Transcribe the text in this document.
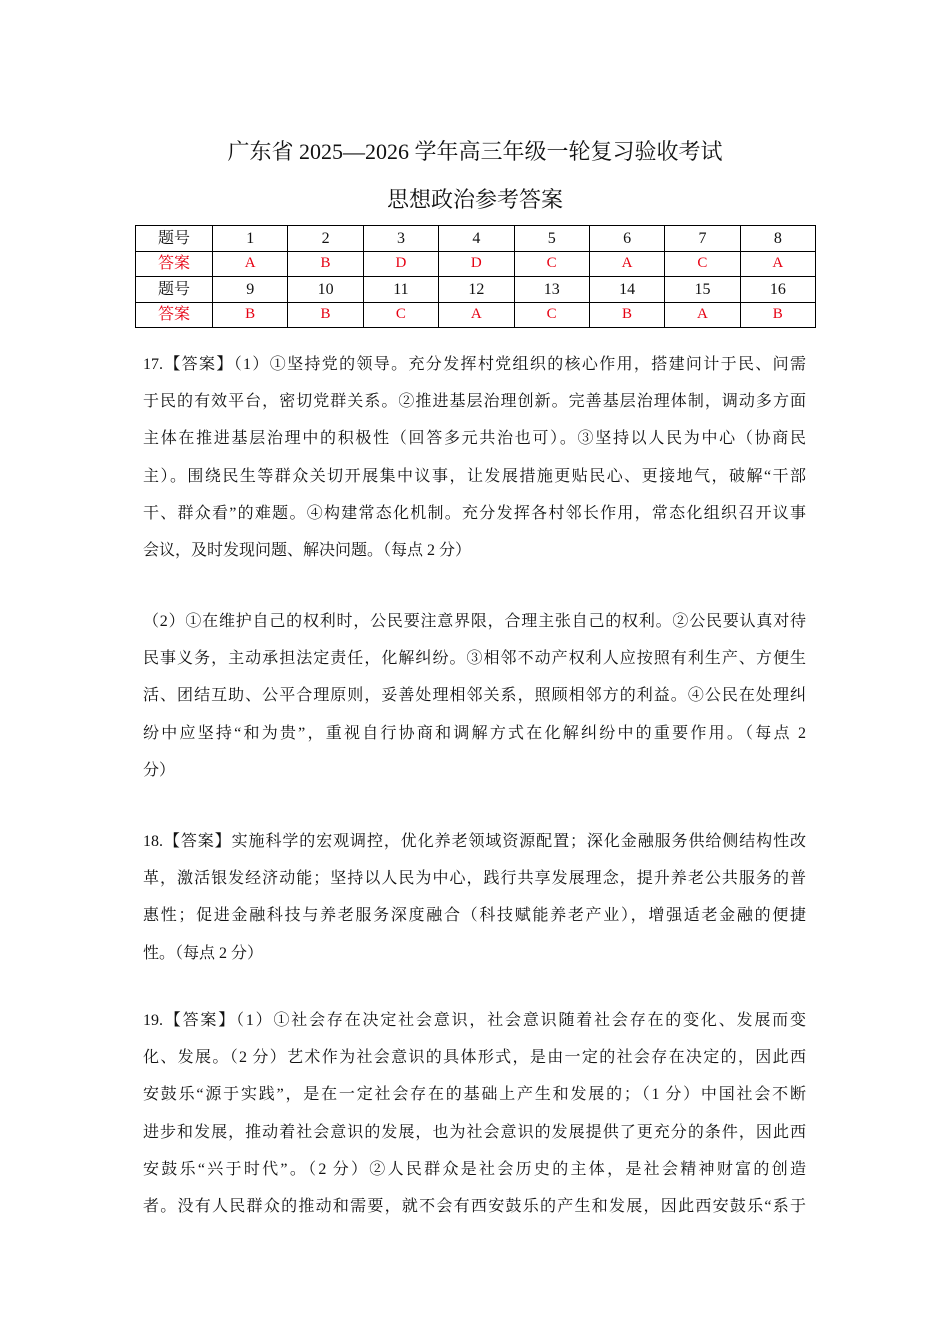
广东省 2025—2026 学年高三年级一轮复习验收考试
思想政治参考答案
题号	1	2	3	4	5	6	7	8
答案	A	B	D	D	C	A	C	A
题号	9	10	11	12	13	14	15	16
答案	B	B	C	A	C	B	A	B
17.【答案】（1）①坚持党的领导。充分发挥村党组织的核心作用，搭建问计于民、问需
于民的有效平台，密切党群关系。②推进基层治理创新。完善基层治理体制，调动多方面
主体在推进基层治理中的积极性（回答多元共治也可）。③坚持以人民为中心（协商民
主）。围绕民生等群众关切开展集中议事，让发展措施更贴民心、更接地气，破解“干部
干、群众看”的难题。④构建常态化机制。充分发挥各村邻长作用，常态化组织召开议事
会议，及时发现问题、解决问题。（每点 2 分）
（2）①在维护自己的权利时，公民要注意界限，合理主张自己的权利。②公民要认真对待
民事义务，主动承担法定责任，化解纠纷。③相邻不动产权利人应按照有利生产、方便生
活、团结互助、公平合理原则，妥善处理相邻关系，照顾相邻方的利益。④公民在处理纠
纷中应坚持“和为贵”，重视自行协商和调解方式在化解纠纷中的重要作用。（每点 2
分）
18.【答案】实施科学的宏观调控，优化养老领域资源配置；深化金融服务供给侧结构性改
革，激活银发经济动能；坚持以人民为中心，践行共享发展理念，提升养老公共服务的普
惠性；促进金融科技与养老服务深度融合（科技赋能养老产业），增强适老金融的便捷
性。（每点 2 分）
19.【答案】（1）①社会存在决定社会意识，社会意识随着社会存在的变化、发展而变
化、发展。（2 分）艺术作为社会意识的具体形式，是由一定的社会存在决定的，因此西
安鼓乐“源于实践”，是在一定社会存在的基础上产生和发展的；（1 分）中国社会不断
进步和发展，推动着社会意识的发展，也为社会意识的发展提供了更充分的条件，因此西
安鼓乐“兴于时代”。（2 分）②人民群众是社会历史的主体，是社会精神财富的创造
者。没有人民群众的推动和需要，就不会有西安鼓乐的产生和发展，因此西安鼓乐“系于
